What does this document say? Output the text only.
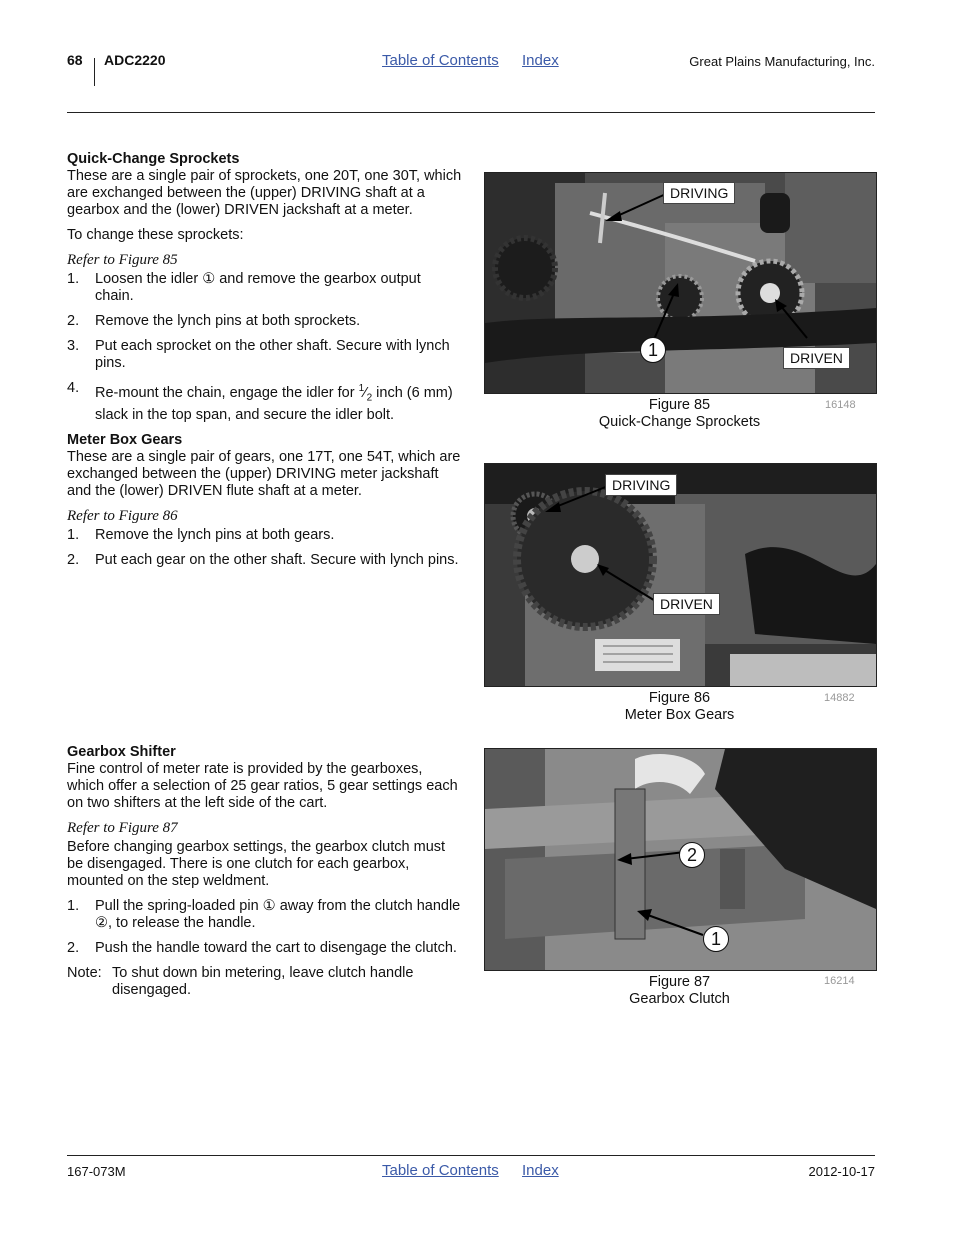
68 ADC2220	Table of Contents Index	Great Plains Manufacturing, Inc.

Quick-Change Sprockets

These are a single pair of sprockets, one 20T, one 30T, which are exchanged between the (upper) DRIVING shaft at a gearbox and the (lower) DRIVEN jackshaft at a meter.

To change these sprockets:

Refer to Figure 85

1. Loosen the idler ① and remove the gearbox output chain.
2. Remove the lynch pins at both sprockets.
3. Put each sprocket on the other shaft. Secure with lynch pins.
4. Re-mount the chain, engage the idler for $^1⁄_2$ inch (6 mm) slack in the top span, and secure the idler bolt.

Meter Box Gears

These are a single pair of gears, one 17T, one 54T, which are exchanged between the (upper) DRIVING meter jackshaft and the (lower) DRIVEN flute shaft at a meter.

Refer to Figure 86

1. Remove the lynch pins at both gears.
2. Put each gear on the other shaft. Secure with lynch pins.

Gearbox Shifter

Fine control of meter rate is provided by the gearboxes, which offer a selection of 25 gear ratios, 5 gear settings each on two shifters at the left side of the cart.

Refer to Figure 87

Before changing gearbox settings, the gearbox clutch must be disengaged. There is one clutch for each gearbox, mounted on the step weldment.

1. Pull the spring-loaded pin ① away from the clutch handle ②, to release the handle.
2. Push the handle toward the cart to disengage the clutch.
Note: To shut down bin metering, leave clutch handle disengaged.
DRIVING
DRIVEN
1
Figure 85
Quick-Change Sprockets
16148
DRIVING
DRIVEN
Figure 86
Meter Box Gears
14882
2
1
Figure 87
Gearbox Clutch
16214
167-073M	Table of Contents Index	2012-10-17
